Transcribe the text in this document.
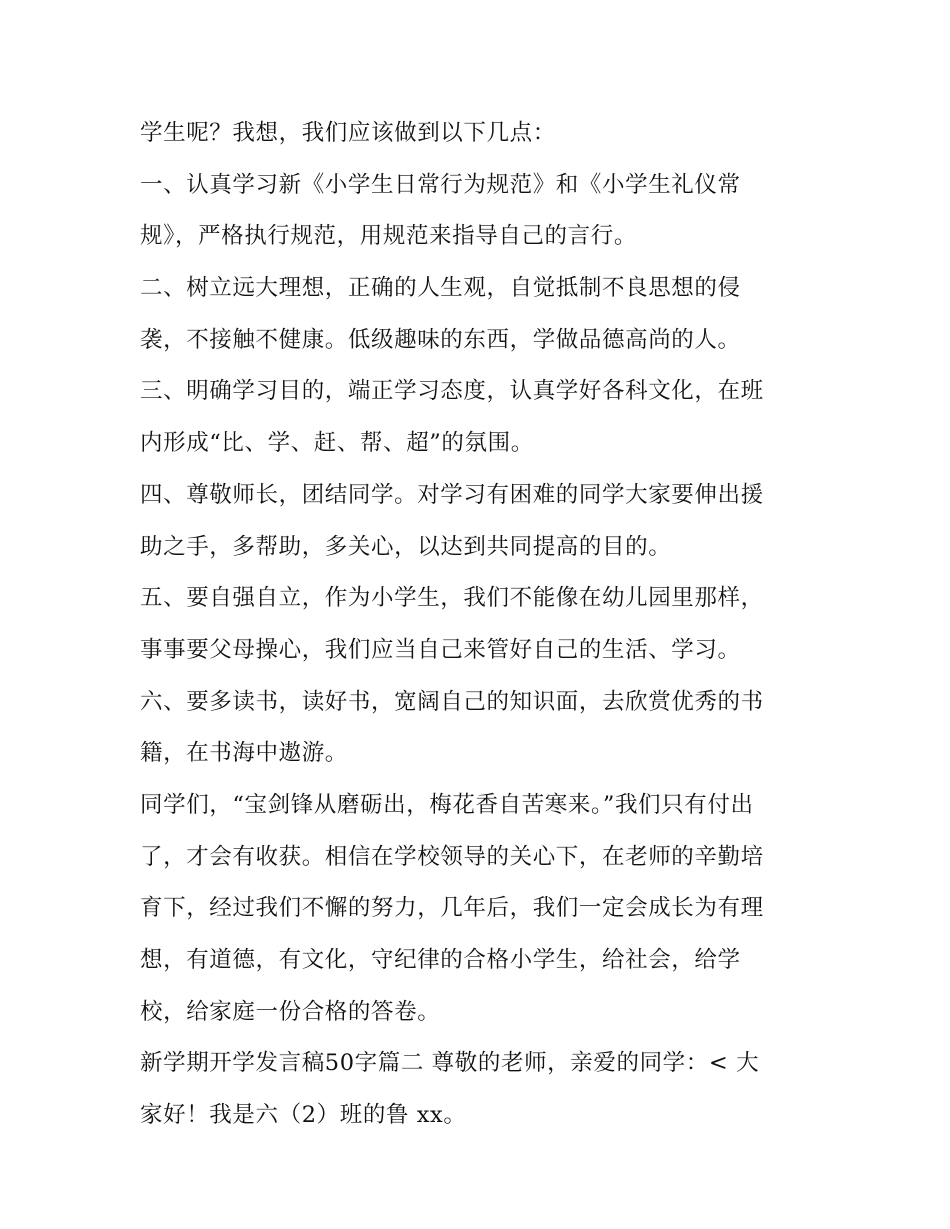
学生呢？我想，我们应该做到以下几点：
一、认真学习新《小学生日常行为规范》和《小学生礼仪常
规》，严格执行规范，用规范来指导自己的言行。
二、树立远大理想，正确的人生观，自觉抵制不良思想的侵
袭，不接触不健康。低级趣味的东西，学做品德高尚的人。
三、明确学习目的，端正学习态度，认真学好各科文化，在班
内形成“比、学、赶、帮、超”的氛围。
四、尊敬师长，团结同学。对学习有困难的同学大家要伸出援
助之手，多帮助，多关心，以达到共同提高的目的。
五、要自强自立，作为小学生，我们不能像在幼儿园里那样，
事事要父母操心，我们应当自己来管好自己的生活、学习。
六、要多读书，读好书，宽阔自己的知识面，去欣赏优秀的书
籍，在书海中遨游。
同学们，“宝剑锋从磨砺出，梅花香自苦寒来。”我们只有付出
了，才会有收获。相信在学校领导的关心下，在老师的辛勤培
育下，经过我们不懈的努力，几年后，我们一定会成长为有理
想，有道德，有文化，守纪律的合格小学生，给社会，给学
校，给家庭一份合格的答卷。
新学期开学发言稿50字篇二 尊敬的老师，亲爱的同学：< 大
家好！我是六（2）班的鲁 xx。
